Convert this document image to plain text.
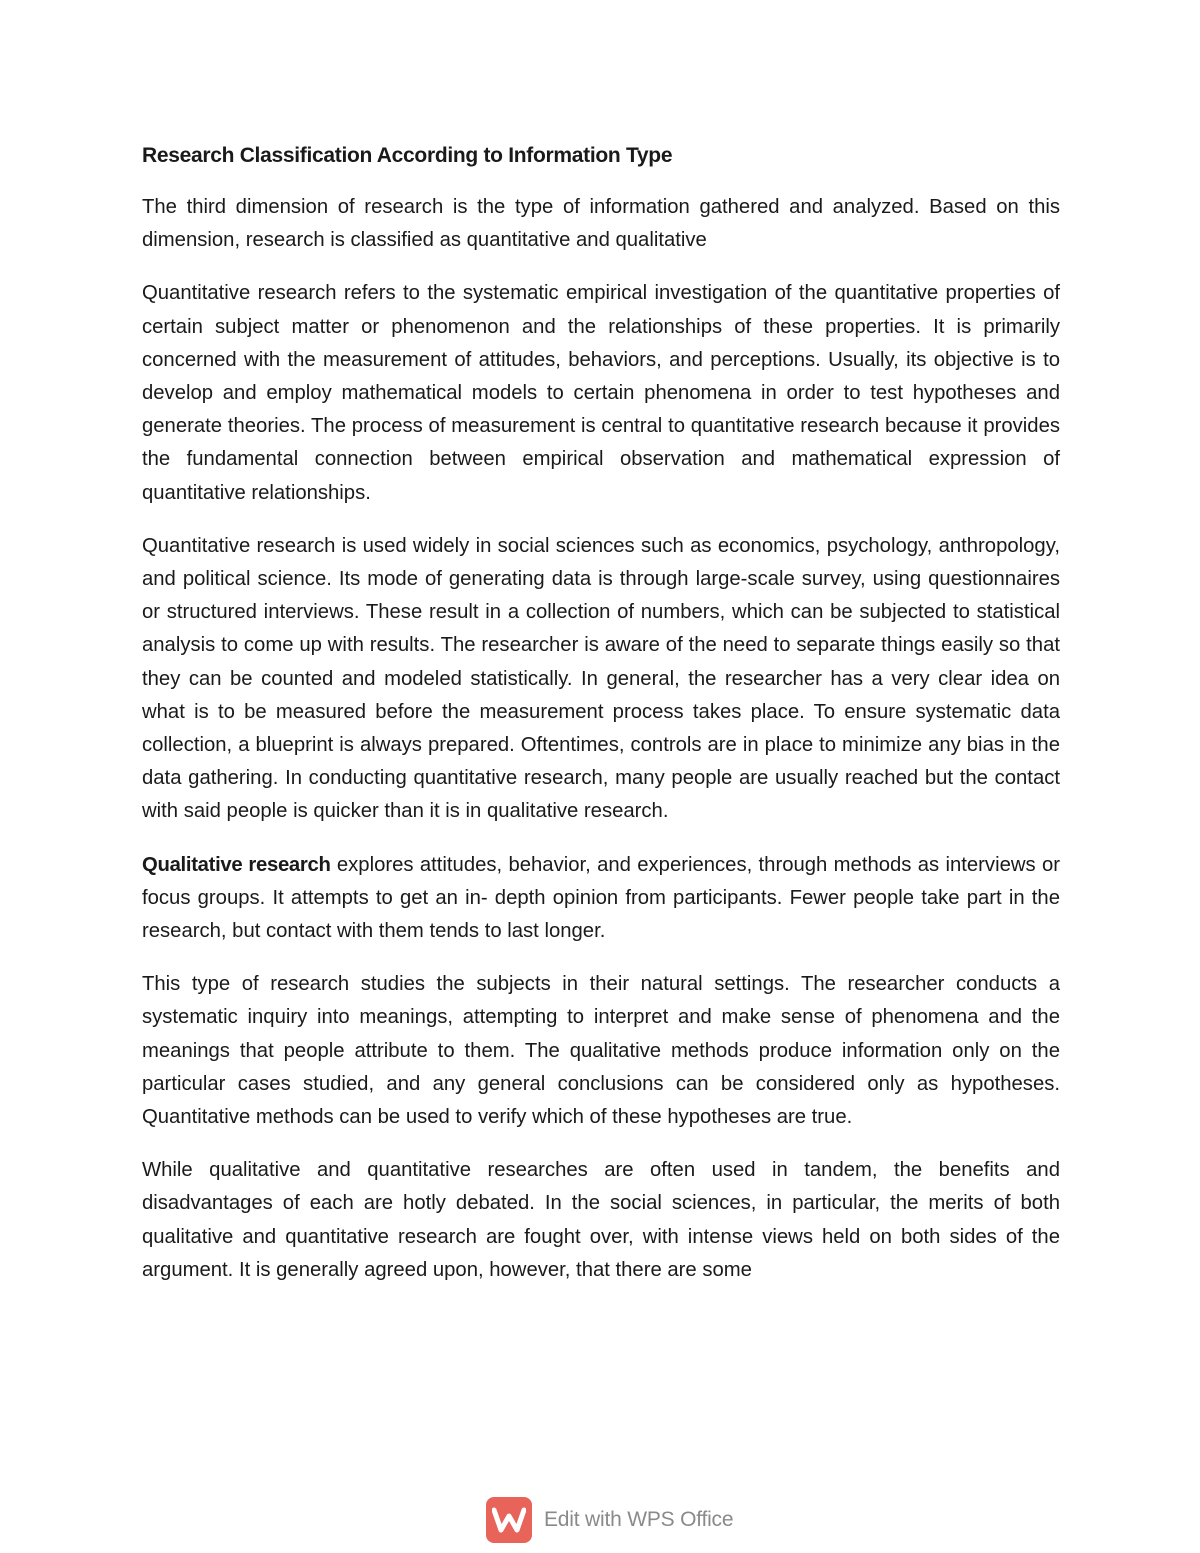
Research Classification According to Information Type

The third dimension of research is the type of information gathered and analyzed. Based on this dimension, research is classified as quantitative and qualitative

Quantitative research refers to the systematic empirical investigation of the quantitative properties of certain subject matter or phenomenon and the relationships of these properties. It is primarily concerned with the measurement of attitudes, behaviors, and perceptions. Usually, its objective is to develop and employ mathematical models to certain phenomena in order to test hypotheses and generate theories. The process of measurement is central to quantitative research because it provides the fundamental connection between empirical observation and mathematical expression of quantitative relationships.

Quantitative research is used widely in social sciences such as economics, psychology, anthropology, and political science. Its mode of generating data is through large-scale survey, using questionnaires or structured interviews. These result in a collection of numbers, which can be subjected to statistical analysis to come up with results. The researcher is aware of the need to separate things easily so that they can be counted and modeled statistically. In general, the researcher has a very clear idea on what is to be measured before the measurement process takes place. To ensure systematic data collection, a blueprint is always prepared. Oftentimes, controls are in place to minimize any bias in the data gathering. In conducting quantitative research, many people are usually reached but the contact with said people is quicker than it is in qualitative research.

Qualitative research explores attitudes, behavior, and experiences, through methods as interviews or focus groups. It attempts to get an in- depth opinion from participants. Fewer people take part in the research, but contact with them tends to last longer.

This type of research studies the subjects in their natural settings. The researcher conducts a systematic inquiry into meanings, attempting to interpret and make sense of phenomena and the meanings that people attribute to them. The qualitative methods produce information only on the particular cases studied, and any general conclusions can be considered only as hypotheses. Quantitative methods can be used to verify which of these hypotheses are true.

While qualitative and quantitative researches are often used in tandem, the benefits and disadvantages of each are hotly debated. In the social sciences, in particular, the merits of both qualitative and quantitative research are fought over, with intense views held on both sides of the argument. It is generally agreed upon, however, that there are some

Edit with WPS Office
